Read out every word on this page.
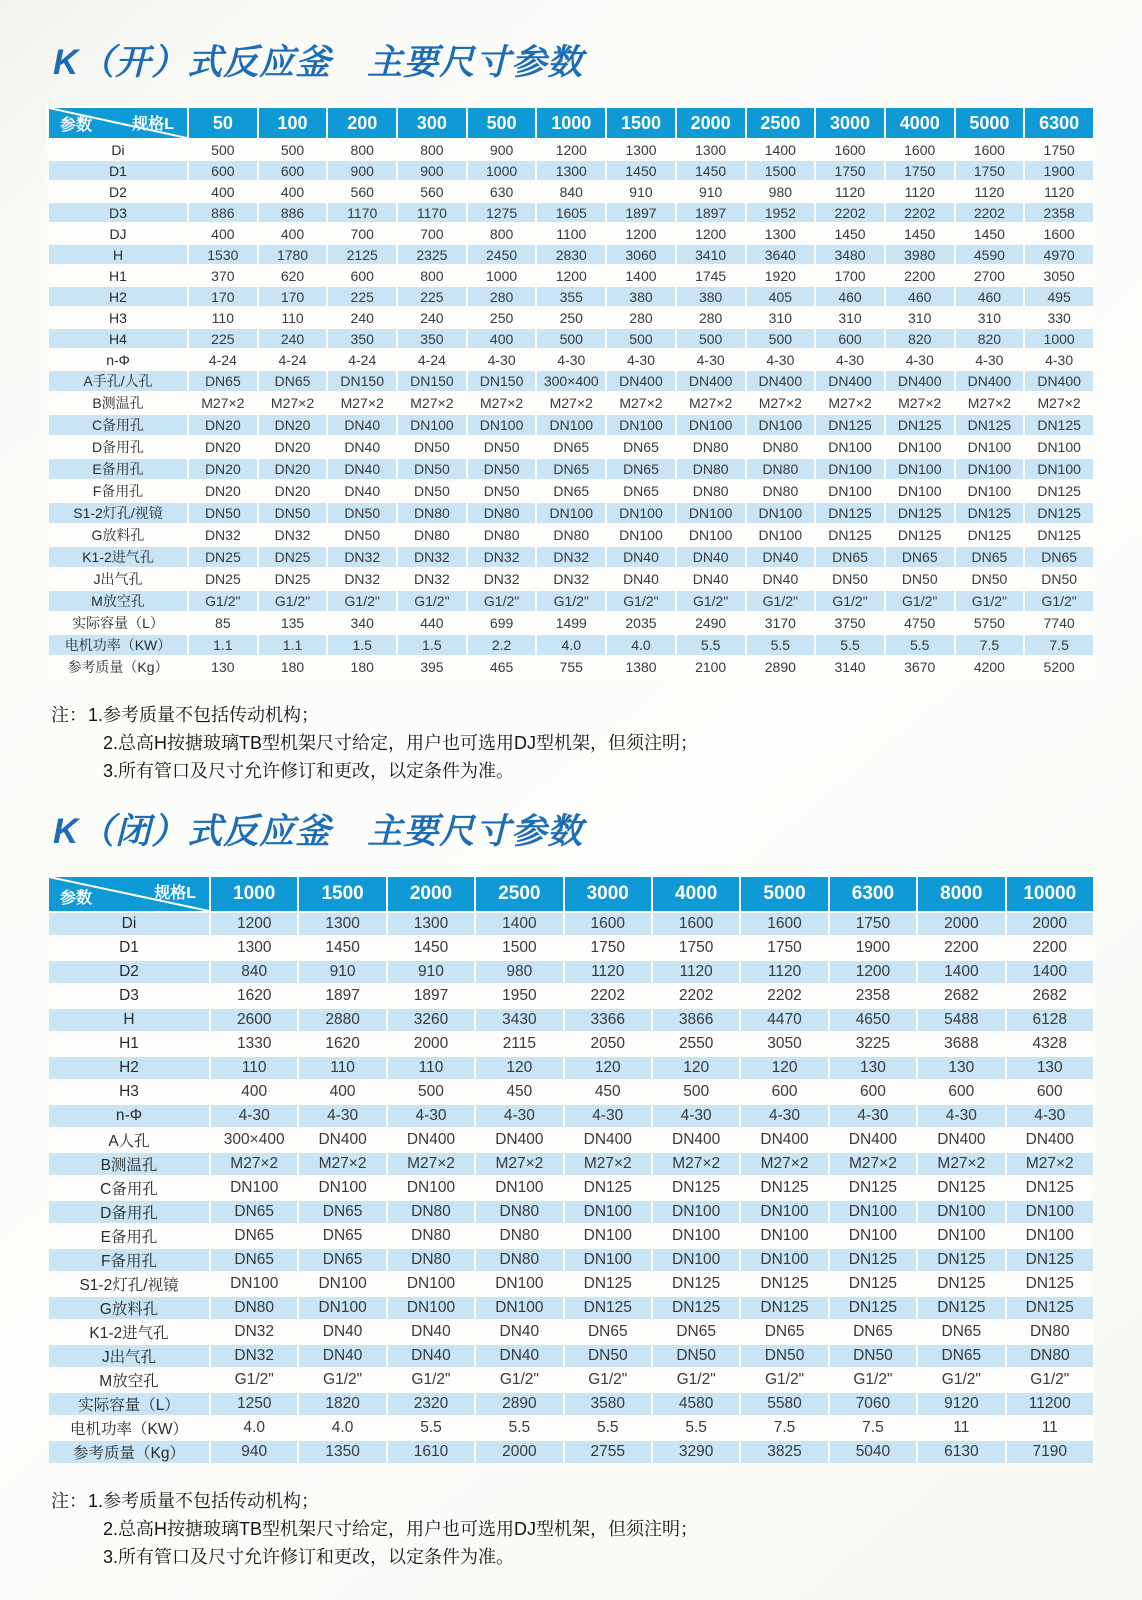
K（开）式反应釜　主要尺寸参数
参数 规格L	50	100	200	300	500	1000	1500	2000	2500	3000	4000	5000	6300
Di	500	500	800	800	900	1200	1300	1300	1400	1600	1600	1600	1750
D1	600	600	900	900	1000	1300	1450	1450	1500	1750	1750	1750	1900
D2	400	400	560	560	630	840	910	910	980	1120	1120	1120	1120
D3	886	886	1170	1170	1275	1605	1897	1897	1952	2202	2202	2202	2358
DJ	400	400	700	700	800	1100	1200	1200	1300	1450	1450	1450	1600
H	1530	1780	2125	2325	2450	2830	3060	3410	3640	3480	3980	4590	4970
H1	370	620	600	800	1000	1200	1400	1745	1920	1700	2200	2700	3050
H2	170	170	225	225	280	355	380	380	405	460	460	460	495
H3	110	110	240	240	250	250	280	280	310	310	310	310	330
H4	225	240	350	350	400	500	500	500	500	600	820	820	1000
n-Φ	4-24	4-24	4-24	4-24	4-30	4-30	4-30	4-30	4-30	4-30	4-30	4-30	4-30
A手孔/人孔	DN65	DN65	DN150	DN150	DN150	300×400	DN400	DN400	DN400	DN400	DN400	DN400	DN400
B测温孔	M27×2	M27×2	M27×2	M27×2	M27×2	M27×2	M27×2	M27×2	M27×2	M27×2	M27×2	M27×2	M27×2
C备用孔	DN20	DN20	DN40	DN100	DN100	DN100	DN100	DN100	DN100	DN125	DN125	DN125	DN125
D备用孔	DN20	DN20	DN40	DN50	DN50	DN65	DN65	DN80	DN80	DN100	DN100	DN100	DN100
E备用孔	DN20	DN20	DN40	DN50	DN50	DN65	DN65	DN80	DN80	DN100	DN100	DN100	DN100
F备用孔	DN20	DN20	DN40	DN50	DN50	DN65	DN65	DN80	DN80	DN100	DN100	DN100	DN125
S1-2灯孔/视镜	DN50	DN50	DN50	DN80	DN80	DN100	DN100	DN100	DN100	DN125	DN125	DN125	DN125
G放料孔	DN32	DN32	DN50	DN80	DN80	DN80	DN100	DN100	DN100	DN125	DN125	DN125	DN125
K1-2进气孔	DN25	DN25	DN32	DN32	DN32	DN32	DN40	DN40	DN40	DN65	DN65	DN65	DN65
J出气孔	DN25	DN25	DN32	DN32	DN32	DN32	DN40	DN40	DN40	DN50	DN50	DN50	DN50
M放空孔	G1/2"	G1/2"	G1/2"	G1/2"	G1/2"	G1/2"	G1/2"	G1/2"	G1/2"	G1/2"	G1/2"	G1/2"	G1/2"
实际容量（L）	85	135	340	440	699	1499	2035	2490	3170	3750	4750	5750	7740
电机功率（KW）	1.1	1.1	1.5	1.5	2.2	4.0	4.0	5.5	5.5	5.5	5.5	7.5	7.5
参考质量（Kg）	130	180	180	395	465	755	1380	2100	2890	3140	3670	4200	5200
注：1.参考质量不包括传动机构；
2.总高H按搪玻璃TB型机架尺寸给定，用户也可选用DJ型机架，但须注明；
3.所有管口及尺寸允许修订和更改，以定条件为准。
K（闭）式反应釜　主要尺寸参数
参数 规格L	1000	1500	2000	2500	3000	4000	5000	6300	8000	10000
Di	1200	1300	1300	1400	1600	1600	1600	1750	2000	2000
D1	1300	1450	1450	1500	1750	1750	1750	1900	2200	2200
D2	840	910	910	980	1120	1120	1120	1200	1400	1400
D3	1620	1897	1897	1950	2202	2202	2202	2358	2682	2682
H	2600	2880	3260	3430	3366	3866	4470	4650	5488	6128
H1	1330	1620	2000	2115	2050	2550	3050	3225	3688	4328
H2	110	110	110	120	120	120	120	130	130	130
H3	400	400	500	450	450	500	600	600	600	600
n-Φ	4-30	4-30	4-30	4-30	4-30	4-30	4-30	4-30	4-30	4-30
A人孔	300×400	DN400	DN400	DN400	DN400	DN400	DN400	DN400	DN400	DN400
B测温孔	M27×2	M27×2	M27×2	M27×2	M27×2	M27×2	M27×2	M27×2	M27×2	M27×2
C备用孔	DN100	DN100	DN100	DN100	DN125	DN125	DN125	DN125	DN125	DN125
D备用孔	DN65	DN65	DN80	DN80	DN100	DN100	DN100	DN100	DN100	DN100
E备用孔	DN65	DN65	DN80	DN80	DN100	DN100	DN100	DN100	DN100	DN100
F备用孔	DN65	DN65	DN80	DN80	DN100	DN100	DN100	DN125	DN125	DN125
S1-2灯孔/视镜	DN100	DN100	DN100	DN100	DN125	DN125	DN125	DN125	DN125	DN125
G放料孔	DN80	DN100	DN100	DN100	DN125	DN125	DN125	DN125	DN125	DN125
K1-2进气孔	DN32	DN40	DN40	DN40	DN65	DN65	DN65	DN65	DN65	DN80
J出气孔	DN32	DN40	DN40	DN40	DN50	DN50	DN50	DN50	DN65	DN80
M放空孔	G1/2"	G1/2"	G1/2"	G1/2"	G1/2"	G1/2"	G1/2"	G1/2"	G1/2"	G1/2"
实际容量（L）	1250	1820	2320	2890	3580	4580	5580	7060	9120	11200
电机功率（KW）	4.0	4.0	5.5	5.5	5.5	5.5	7.5	7.5	11	11
参考质量（Kg）	940	1350	1610	2000	2755	3290	3825	5040	6130	7190
注：1.参考质量不包括传动机构；
2.总高H按搪玻璃TB型机架尺寸给定，用户也可选用DJ型机架，但须注明；
3.所有管口及尺寸允许修订和更改，以定条件为准。
